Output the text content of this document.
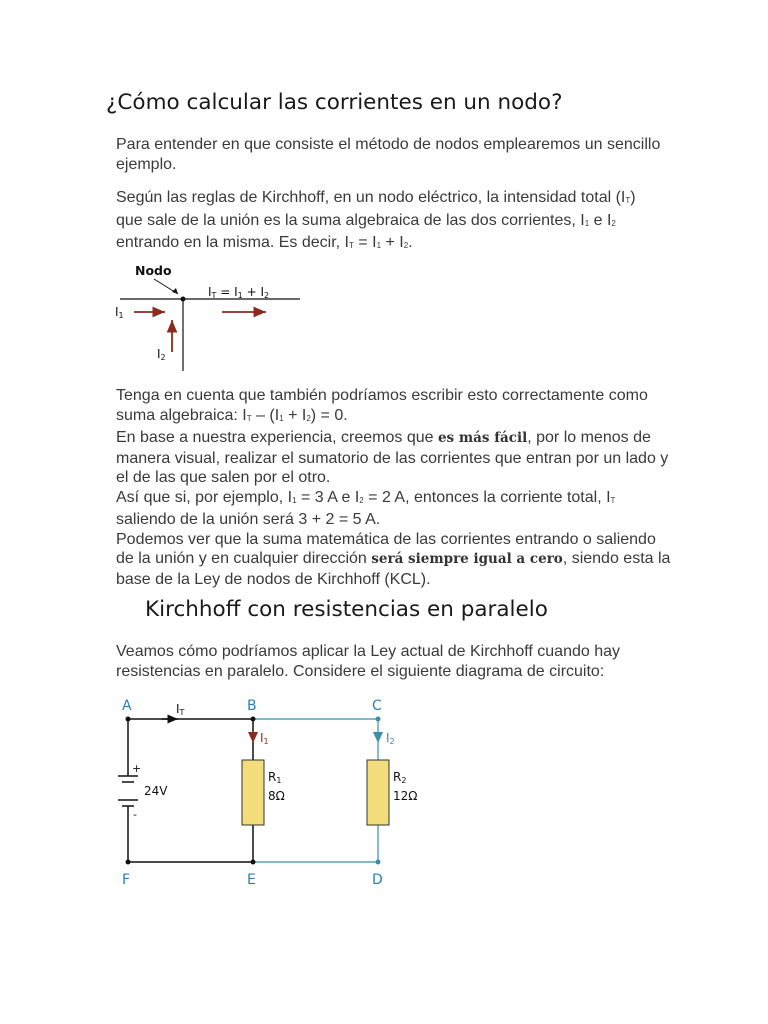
¿Cómo calcular las corrientes en un nodo?

Para entender en que consiste el método de nodos emplearemos un sencillo ejemplo.

Según las reglas de Kirchhoff, en un nodo eléctrico, la intensidad total $(I_T)$ que sale de la unión es la suma algebraica de las dos corrientes, $I_1$ e $I_2$ entrando en la misma. Es decir, $I_T = I_1 + I_2$.

Nodo
IT = I1 + I2
I1
I2

Tenga en cuenta que también podríamos escribir esto correctamente como suma algebraica: $I_T - (I_1 + I_2) = 0$.
En base a nuestra experiencia, creemos que es más fácil, por lo menos de manera visual, realizar el sumatorio de las corrientes que entran por un lado y el de las que salen por el otro.
Así que si, por ejemplo, $I_1 = 3$ A e $I_2 = 2$ A, entonces la corriente total, $I_T$ saliendo de la unión será 3 + 2 = 5 A.
Podemos ver que la suma matemática de las corrientes entrando o saliendo de la unión y en cualquier dirección será siempre igual a cero, siendo esta la base de la Ley de nodos de Kirchhoff (KCL).

Kirchhoff con resistencias en paralelo

Veamos cómo podríamos aplicar la Ley actual de Kirchhoff cuando hay resistencias en paralelo. Considere el siguiente diagrama de circuito:

A	B	C
F	E	D
+
-
24V
IT
I1	I2
R1
8Ω
R2
12Ω
